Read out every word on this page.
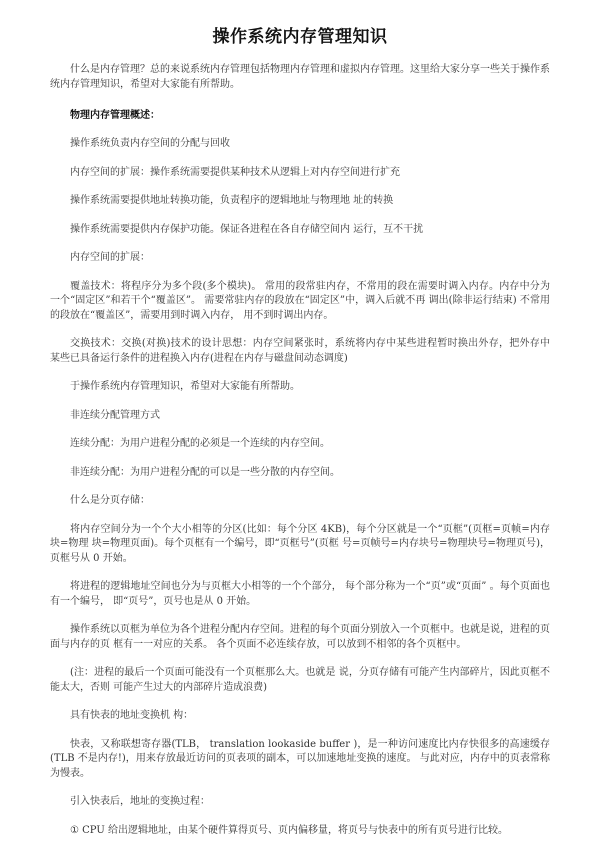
操作系统内存管理知识
什么是内存管理？总的来说系统内存管理包括物理内存管理和虚拟内存管理。这里给大家分享一些关于操作系统内存管理知识，希望对大家能有所帮助。
物理内存管理概述：
操作系统负责内存空间的分配与回收
内存空间的扩展：操作系统需要提供某种技术从逻辑上对内存空间进行扩充
操作系统需要提供地址转换功能，负责程序的逻辑地址与物理地 址的转换
操作系统需要提供内存保护功能。保证各进程在各自存储空间内 运行，互不干扰
内存空间的扩展：
覆盖技术：将程序分为多个段(多个模块)。 常用的段常驻内存，不常用的段在需要时调入内存。内存中分为一个“固定区”和若干个“覆盖区”。 需要常驻内存的段放在“固定区”中，调入后就不再 调出(除非运行结束) 不常用的段放在“覆盖区”，需要用到时调入内存， 用不到时调出内存。
交换技术：交换(对换)技术的设计思想：内存空间紧张时，系统将内存中某些进程暂时换出外存，把外存中 某些已具备运行条件的进程换入内存(进程在内存与磁盘间动态调度)
于操作系统内存管理知识，希望对大家能有所帮助。
非连续分配管理方式
连续分配：为用户进程分配的必须是一个连续的内存空间。
非连续分配：为用户进程分配的可以是一些分散的内存空间。
什么是分页存储：
将内存空间分为一个个大小相等的分区(比如：每个分区 4KB)，每个分区就是一个“页框”(页框=页帧=内存块=物理 块=物理页面)。每个页框有一个编号，即“页框号”(页框 号=页帧号=内存块号=物理块号=物理页号)，页框号从 0 开始。
将进程的逻辑地址空间也分为与页框大小相等的一个个部分， 每个部分称为一个“页”或“页面” 。每个页面也有一个编号， 即“页号”，页号也是从 0 开始。
操作系统以页框为单位为各个进程分配内存空间。进程的每个页面分别放入一个页框中。也就是说，进程的页面与内存的页 框有一一对应的关系。 各个页面不必连续存放，可以放到不相邻的各个页框中。
(注：进程的最后一个页面可能没有一个页框那么大。也就是 说，分页存储有可能产生内部碎片，因此页框不能太大，否则 可能产生过大的内部碎片造成浪费)
具有快表的地址变换机 构：
快表，又称联想寄存器(TLB， translation lookaside buffer )，是一种访问速度比内存快很多的高速缓存(TLB 不是内存!)，用来存放最近访问的页表项的副本，可以加速地址变换的速度。 与此对应，内存中的页表常称为慢表。
引入快表后，地址的变换过程：
① CPU 给出逻辑地址，由某个硬件算得页号、页内偏移量，将页号与快表中的所有页号进行比较。
